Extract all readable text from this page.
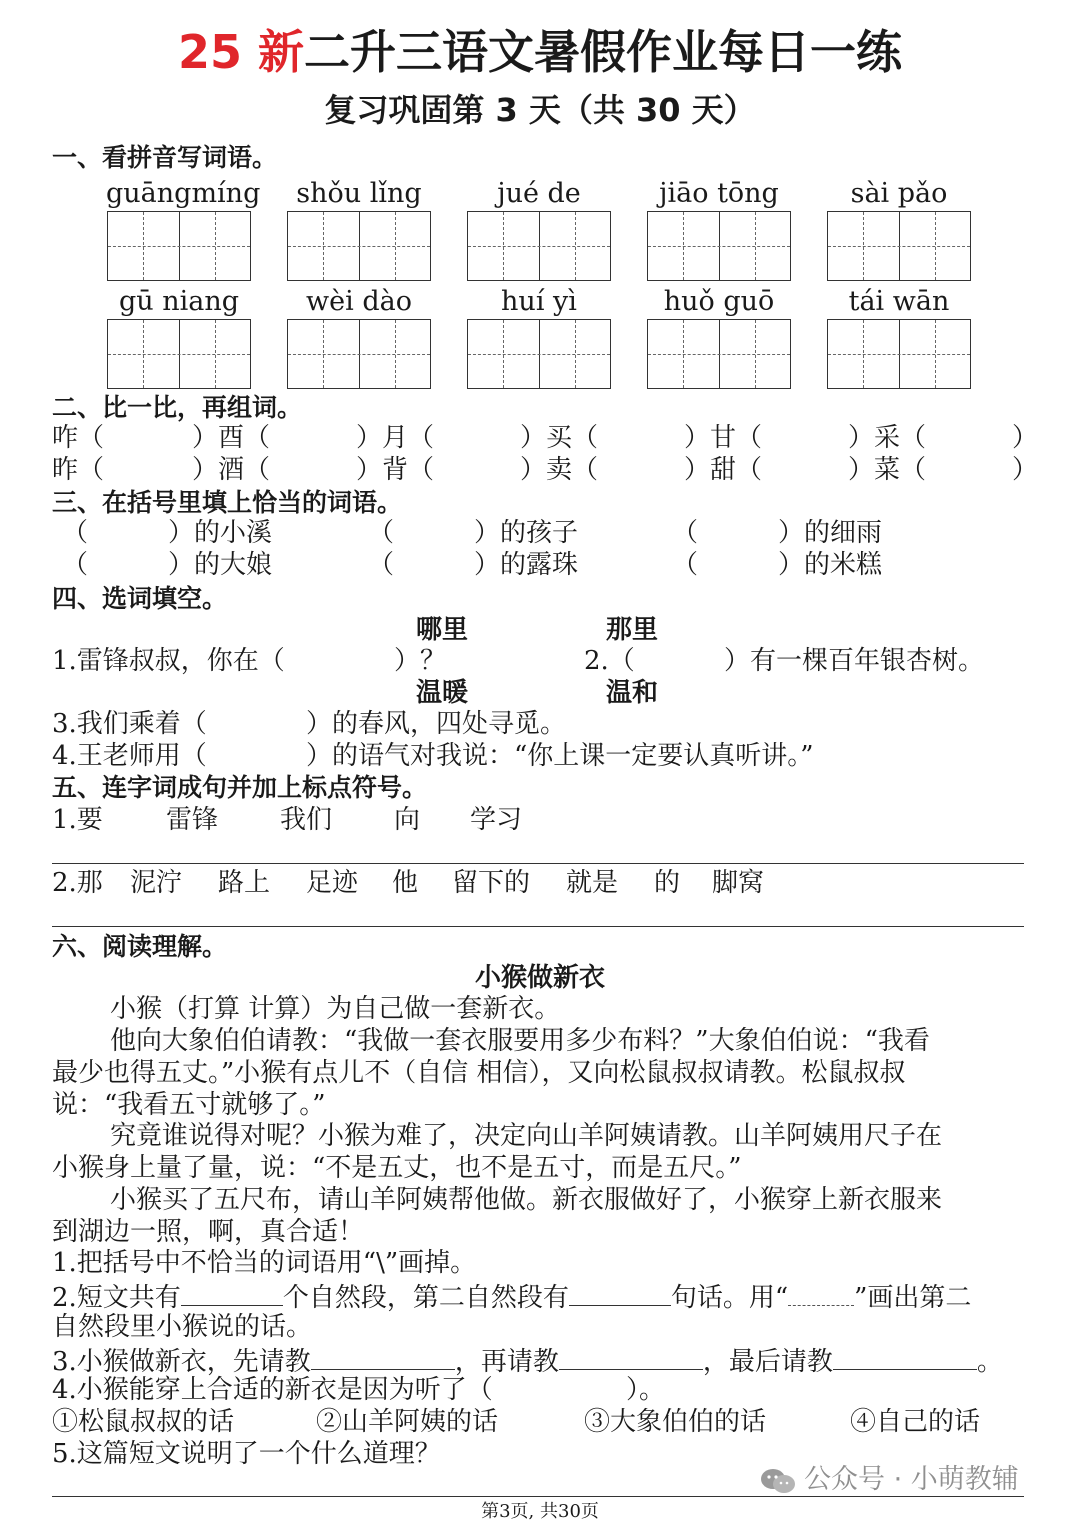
25 新二升三语文暑假作业每日一练
复习巩固第 3 天（共 30 天）
一、看拼音写词语。
guāngmíng	shǒu lǐng	jué de	jiāo tōng	sài pǎo
gū niang	wèi dào	huí yì	huǒ guō	tái wān
二、比一比，再组词。
咋（	）酉（	）月（	）买（	）甘（	）采（	）
昨（	）酒（	）背（	）卖（	）甜（	）菜（	）
三、在括号里填上恰当的词语。
（	）的小溪	（	）的孩子	（	）的细雨
（	）的大娘	（	）的露珠	（	）的米糕
四、选词填空。
哪里	那里
1.雷锋叔叔，你在（	）？	2.（	）有一棵百年银杏树。
温暖	温和
3.我们乘着（	）的春风，四处寻觅。
4.王老师用（	）的语气对我说：“你上课一定要认真听讲。”
五、连字词成句并加上标点符号。
1.要 雷锋 我们 向 学习
2.那 泥泞 路上 足迹 他 留下的 就是 的 脚窝
六、阅读理解。
小猴做新衣
小猴（打算 计算）为自己做一套新衣。
他向大象伯伯请教：“我做一套衣服要用多少布料？”大象伯伯说：“我看
最少也得五丈。”小猴有点儿不（自信 相信），又向松鼠叔叔请教。松鼠叔叔
说：“我看五寸就够了。”
究竟谁说得对呢？小猴为难了，决定向山羊阿姨请教。山羊阿姨用尺子在
小猴身上量了量，说：“不是五丈，也不是五寸，而是五尺。”
小猴买了五尺布，请山羊阿姨帮他做。新衣服做好了，小猴穿上新衣服来
到湖边一照，啊，真合适！
1.把括号中不恰当的词语用“\”画掉。
2.短文共有	个自然段，第二自然段有	句话。用“	”画出第二
自然段里小猴说的话。
3.小猴做新衣，先请教	，再请教	，最后请教	。
4.小猴能穿上合适的新衣是因为听了（	）。
①松鼠叔叔的话	②山羊阿姨的话	③大象伯伯的话	④自己的话
5.这篇短文说明了一个什么道理？
公众号 · 小萌教辅
第3页, 共30页
